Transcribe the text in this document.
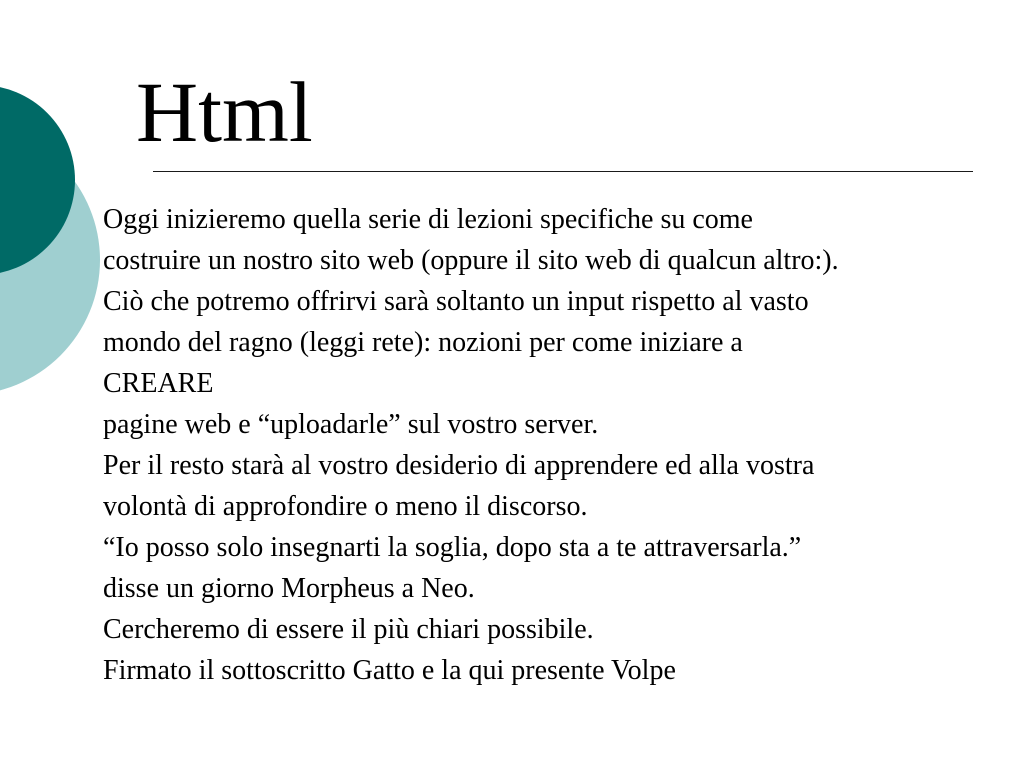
Html
Oggi inizieremo quella serie di lezioni specifiche su come
costruire un nostro sito web (oppure il sito web di qualcun altro:).
Ciò che potremo offrirvi sarà soltanto un input rispetto al vasto
mondo del ragno (leggi rete): nozioni per come iniziare a
CREARE
pagine web e “uploadarle” sul vostro server.
Per il resto starà al vostro desiderio di apprendere ed alla vostra
volontà di approfondire o meno il discorso.
“Io posso solo insegnarti la soglia, dopo sta a te attraversarla.”
disse un giorno Morpheus a Neo.
Cercheremo di essere il più chiari possibile.
Firmato il sottoscritto Gatto e la qui presente Volpe
